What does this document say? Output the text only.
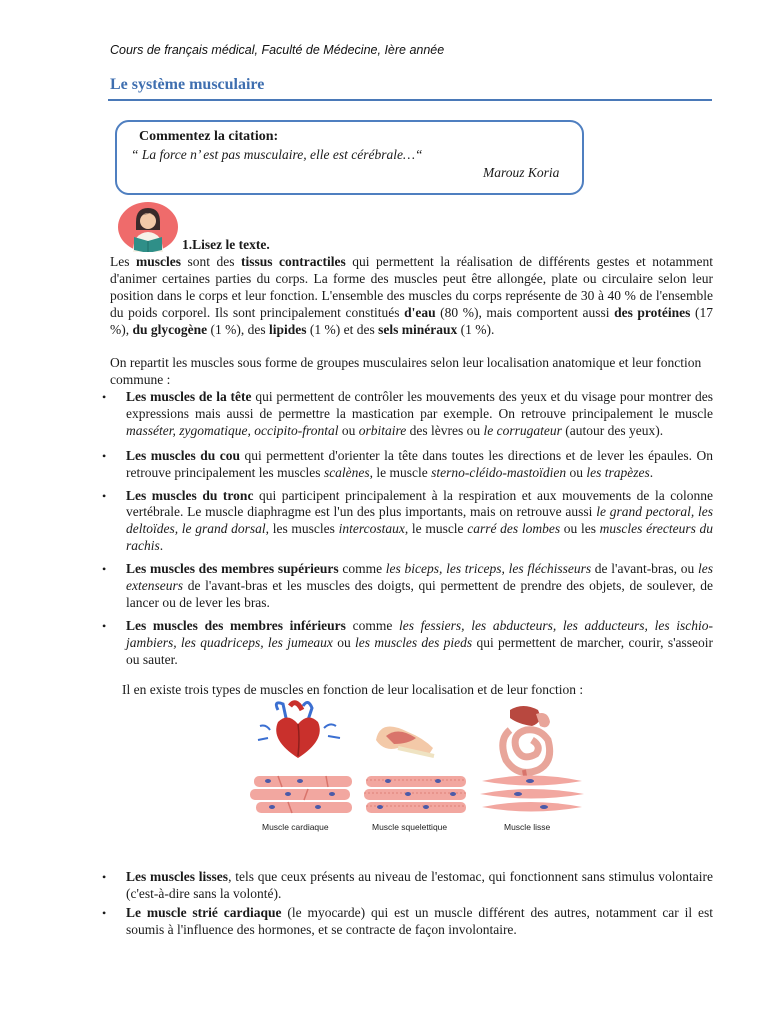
Cours de français médical, Faculté de Médecine, Ière année
Le système musculaire
Commentez la citation:
“ La force n’ est pas musculaire, elle est cérébrale…“
Marouz Koria
1.Lisez le texte.
Les muscles sont des tissus contractiles qui permettent la réalisation de différents gestes et notamment d'animer certaines parties du corps. La forme des muscles peut être allongée, plate ou circulaire selon leur position dans le corps et leur fonction. L'ensemble des muscles du corps représente de 30 à 40 % de l'ensemble du poids corporel. Ils sont principalement constitués d'eau (80 %), mais comportent aussi des protéines (17 %), du glycogène (1 %), des lipides (1 %) et des sels minéraux (1 %).
On repartit les muscles sous forme de groupes musculaires selon leur localisation anatomique et leur fonction commune :
• Les muscles de la tête qui permettent de contrôler les mouvements des yeux et du visage pour montrer des expressions mais aussi de permettre la mastication par exemple. On retrouve principalement le muscle masséter, zygomatique, occipito-frontal ou orbitaire des lèvres ou le corrugateur (autour des yeux).
• Les muscles du cou qui permettent d'orienter la tête dans toutes les directions et de lever les épaules. On retrouve principalement les muscles scalènes, le muscle sterno-cléido-mastoïdien ou les trapèzes.
• Les muscles du tronc qui participent principalement à la respiration et aux mouvements de la colonne vertébrale. Le muscle diaphragme est l'un des plus importants, mais on retrouve aussi le grand pectoral, les deltoïdes, le grand dorsal, les muscles intercostaux, le muscle carré des lombes ou les muscles érecteurs du rachis.
• Les muscles des membres supérieurs comme les biceps, les triceps, les fléchisseurs de l'avant-bras, ou les extenseurs de l'avant-bras et les muscles des doigts, qui permettent de prendre des objets, de soulever, de lancer ou de lever les bras.
• Les muscles des membres inférieurs comme les fessiers, les abducteurs, les adducteurs, les ischio-jambiers, les quadriceps, les jumeaux ou les muscles des pieds qui permettent de marcher, courir, s'asseoir ou sauter.
Il en existe trois types de muscles en fonction de leur localisation et de leur fonction :
Muscle cardiaque	Muscle squelettique	Muscle lisse
• Les muscles lisses, tels que ceux présents au niveau de l'estomac, qui fonctionnent sans stimulus volontaire (c'est-à-dire sans la volonté).
• Le muscle strié cardiaque (le myocarde) qui est un muscle différent des autres, notamment car il est soumis à l'influence des hormones, et se contracte de façon involontaire.
